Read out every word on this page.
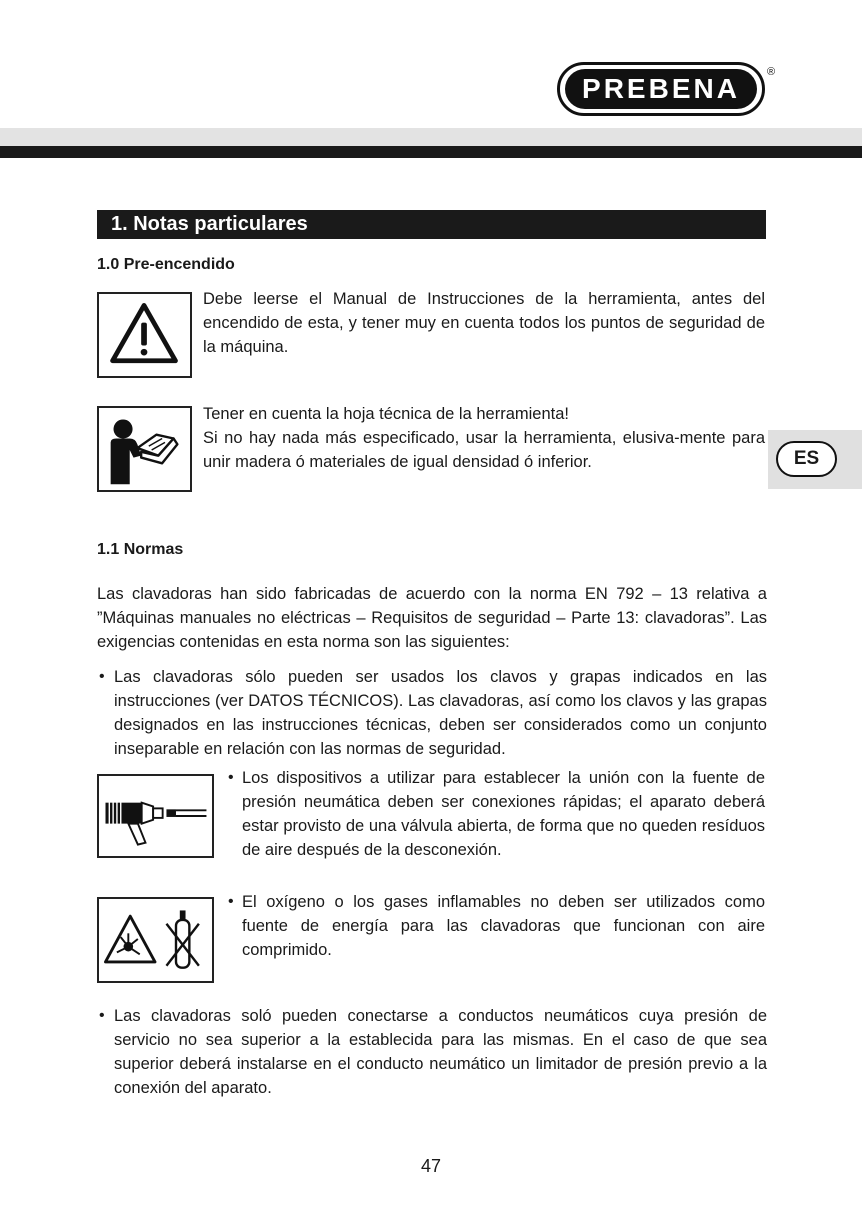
PREBENA
®
1. Notas particulares
1.0 Pre-encendido
Debe leerse el Manual de Instrucciones de la herramienta, antes del encendido de esta, y tener muy en cuenta todos los puntos de seguridad de la máquina.
Tener en cuenta la hoja técnica de la herramienta!
Si no hay nada más especificado, usar la herramienta, elusiva-mente para unir madera ó materiales de igual densidad ó inferior.	ES
1.1 Normas
Las clavadoras han sido fabricadas de acuerdo con la norma EN 792 – 13 relativa a ”Máquinas manuales no eléctricas – Requisitos de seguridad – Parte 13: clavadoras”. Las exigencias contenidas en esta norma son las siguientes:
• Las clavadoras sólo pueden ser usados los clavos y grapas indicados en las instrucciones (ver DATOS TÉCNICOS). Las clavadoras, así como los clavos y las grapas designados en las instrucciones técnicas, deben ser considerados como un conjunto inseparable en relación con las normas de seguridad.
• Los dispositivos a utilizar para establecer la unión con la fuente de presión neumática deben ser conexiones rápidas; el aparato deberá estar provisto de una válvula abierta, de forma que no queden resíduos de aire después de la desconexión.
• El oxígeno o los gases inflamables no deben ser utilizados como fuente de energía para las clavadoras que funcionan con aire comprimido.
• Las clavadoras soló pueden conectarse a conductos neumáticos cuya presión de servicio no sea superior a la establecida para las mismas. En el caso de que sea superior deberá instalarse en el conducto neumático un limitador de presión previo a la conexión del aparato.
47
